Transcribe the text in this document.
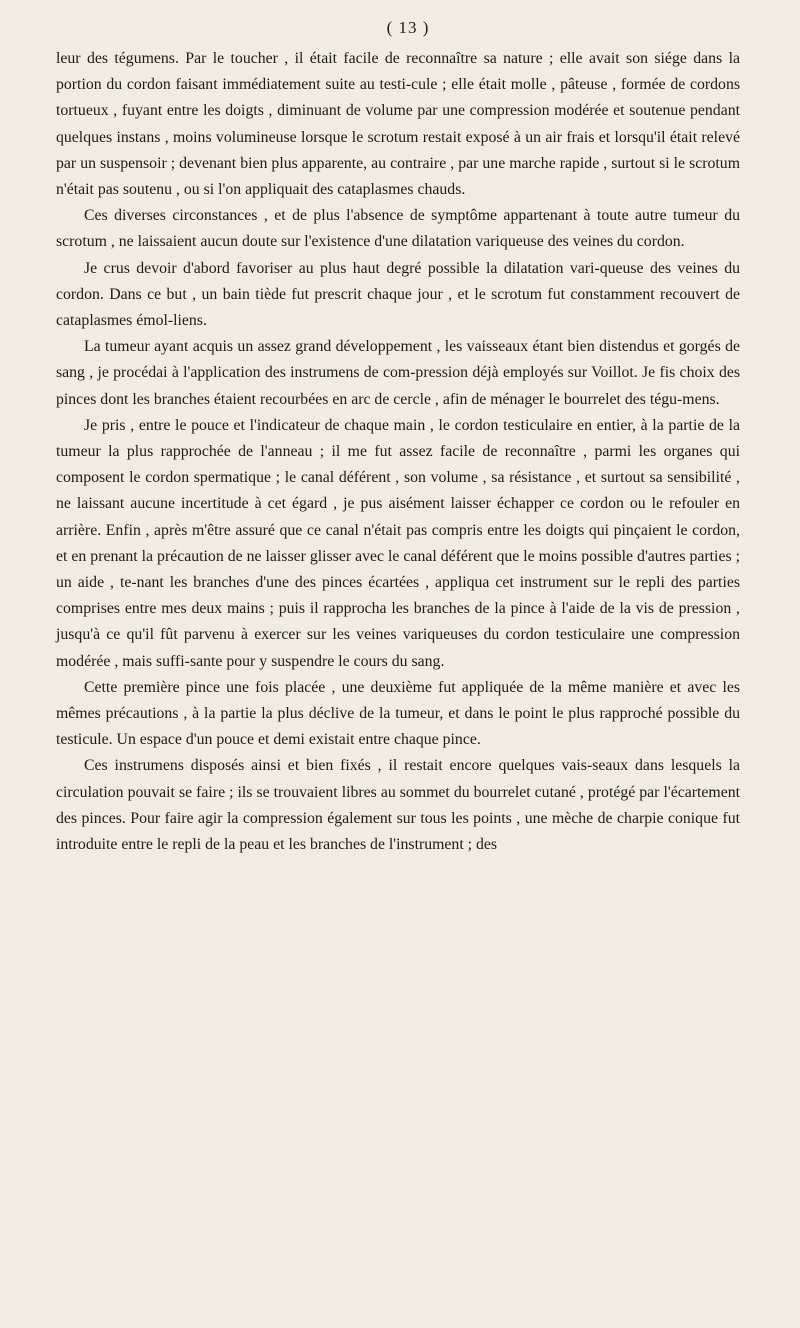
( 13 )

leur des tégumens. Par le toucher , il était facile de reconnaître sa nature ; elle avait son siége dans la portion du cordon faisant immédiatement suite au testi-cule ; elle était molle , pâteuse , formée de cordons tortueux , fuyant entre les doigts , diminuant de volume par une compression modérée et soutenue pendant quelques instans , moins volumineuse lorsque le scrotum restait exposé à un air frais et lorsqu'il était relevé par un suspensoir ; devenant bien plus apparente, au contraire , par une marche rapide , surtout si le scrotum n'était pas soutenu , ou si l'on appliquait des cataplasmes chauds.

Ces diverses circonstances , et de plus l'absence de symptôme appartenant à toute autre tumeur du scrotum , ne laissaient aucun doute sur l'existence d'une dilatation variqueuse des veines du cordon.

Je crus devoir d'abord favoriser au plus haut degré possible la dilatation vari-queuse des veines du cordon. Dans ce but , un bain tiède fut prescrit chaque jour , et le scrotum fut constamment recouvert de cataplasmes émol-liens.

La tumeur ayant acquis un assez grand développement , les vaisseaux étant bien distendus et gorgés de sang , je procédai à l'application des instrumens de com-pression déjà employés sur Voillot. Je fis choix des pinces dont les branches étaient recourbées en arc de cercle , afin de ménager le bourrelet des tégu-mens.

Je pris , entre le pouce et l'indicateur de chaque main , le cordon testiculaire en entier, à la partie de la tumeur la plus rapprochée de l'anneau ; il me fut assez facile de reconnaître , parmi les organes qui composent le cordon spermatique ; le canal déférent , son volume , sa résistance , et surtout sa sensibilité , ne laissant aucune incertitude à cet égard , je pus aisément laisser échapper ce cordon ou le refouler en arrière. Enfin , après m'être assuré que ce canal n'était pas compris entre les doigts qui pinçaient le cordon, et en prenant la précaution de ne laisser glisser avec le canal déférent que le moins possible d'autres parties ; un aide , te-nant les branches d'une des pinces écartées , appliqua cet instrument sur le repli des parties comprises entre mes deux mains ; puis il rapprocha les branches de la pince à l'aide de la vis de pression , jusqu'à ce qu'il fût parvenu à exercer sur les veines variqueuses du cordon testiculaire une compression modérée , mais suffi-sante pour y suspendre le cours du sang.

Cette première pince une fois placée , une deuxième fut appliquée de la même manière et avec les mêmes précautions , à la partie la plus déclive de la tumeur, et dans le point le plus rapproché possible du testicule. Un espace d'un pouce et demi existait entre chaque pince.

Ces instrumens disposés ainsi et bien fixés , il restait encore quelques vais-seaux dans lesquels la circulation pouvait se faire ; ils se trouvaient libres au sommet du bourrelet cutané , protégé par l'écartement des pinces. Pour faire agir la compression également sur tous les points , une mèche de charpie conique fut introduite entre le repli de la peau et les branches de l'instrument ; des
